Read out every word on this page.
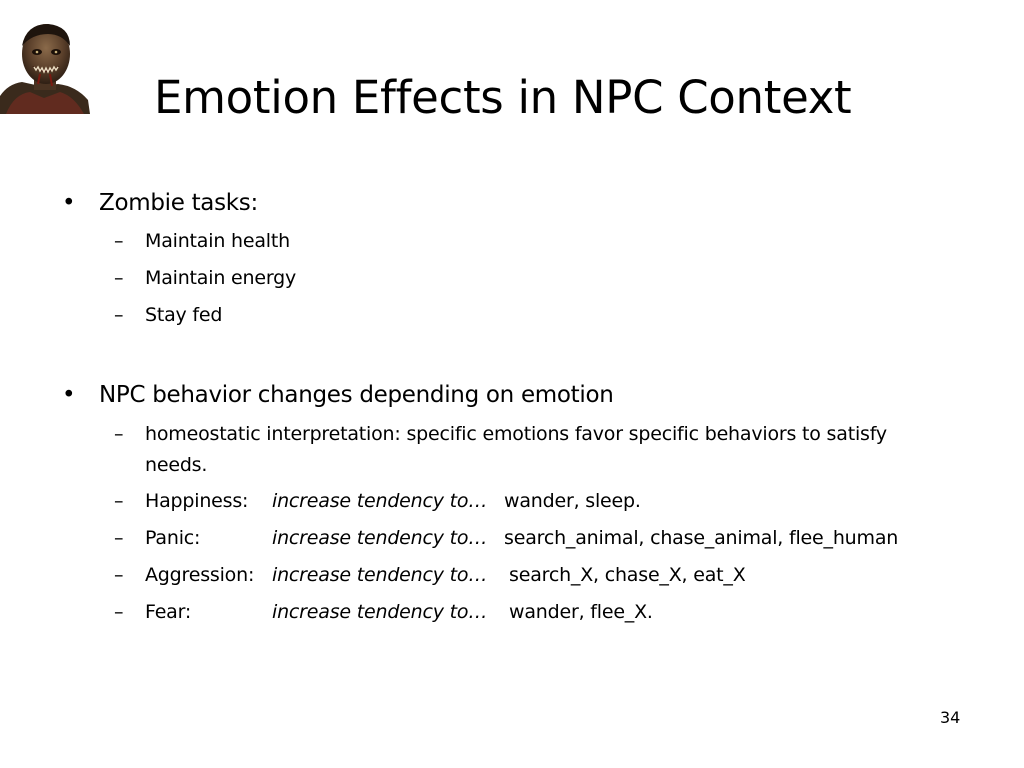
Emotion Effects in NPC Context
• Zombie tasks:
– Maintain health
– Maintain energy
– Stay fed
• NPC behavior changes depending on emotion
– homeostatic interpretation: specific emotions favor specific behaviors to satisfy needs.
– Happiness: increase tendency to… wander, sleep.
– Panic:	increase tendency to… search_animal, chase_animal, flee_human
– Aggression: increase tendency to… search_X, chase_X, eat_X
– Fear:	increase tendency to… wander, flee_X.
34
